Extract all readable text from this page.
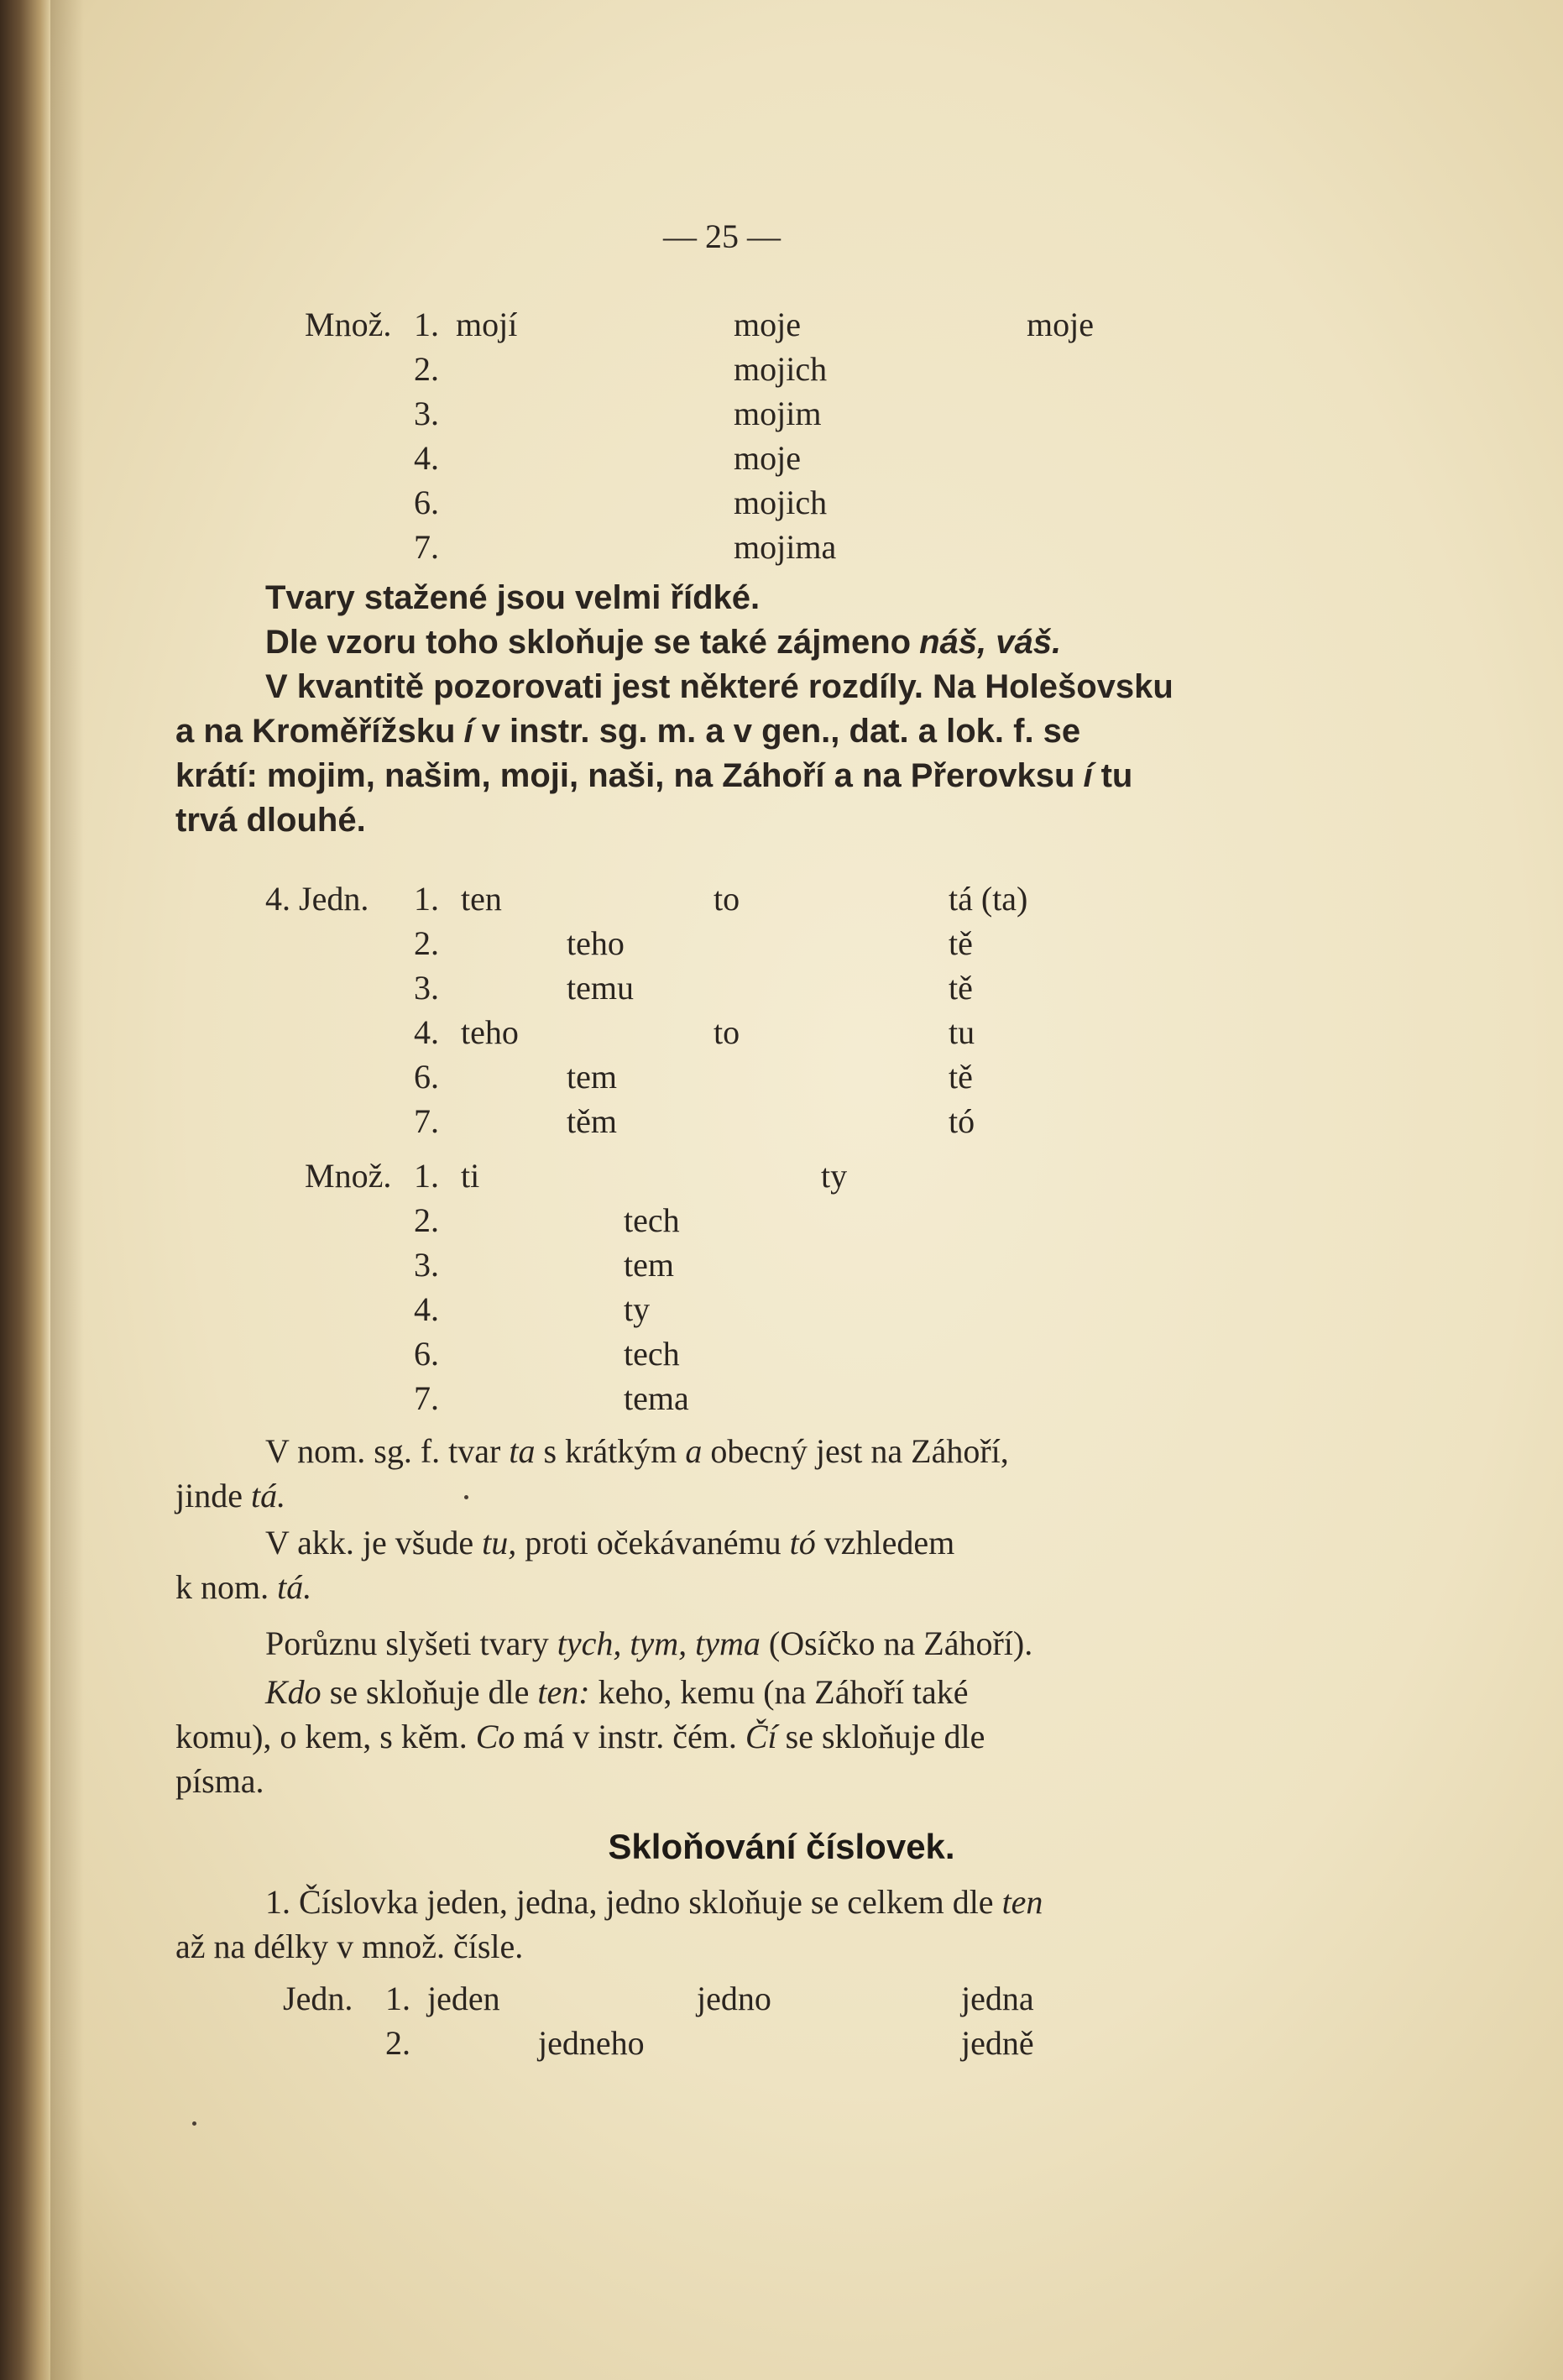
— 25 —
Množ. 1. mojí	moje	moje
2.	mojich
3.	mojim
4.	moje
6.	mojich
7.	mojima
Tvary stažené jsou velmi řídké.
Dle vzoru toho skloňuje se také zájmeno náš, váš.
V kvantitě pozorovati jest některé rozdíly. Na Holešovsku
a na Kroměřížsku í v instr. sg. m. a v gen., dat. a lok. f. se
krátí: mojim, našim, moji, naši, na Záhoří a na Přerovksu í tu
trvá dlouhé.
4. Jedn. 1. ten	to	tá (ta)
2.	teho	tě
3.	temu	tě
4. teho	to	tu
6.	tem	tě
7.	těm	tó
Množ. 1. ti	ty
2.	tech
3.	tem
4.	ty
6.	tech
7.	tema
V nom. sg. f. tvar ta s krátkým a obecný jest na Záhoří,
jinde tá.
V akk. je všude tu, proti očekávanému tó vzhledem
k nom. tá.
Porůznu slyšeti tvary tych, tym, tyma (Osíčko na Záhoří).
Kdo se skloňuje dle ten: keho, kemu (na Záhoří také
komu), o kem, s kěm. Co má v instr. čém. Čí se skloňuje dle
písma.
Skloňování číslovek.
1. Číslovka jeden, jedna, jedno skloňuje se celkem dle ten
až na délky v množ. čísle.
Jedn. 1. jeden	jedno	jedna
2.	jedneho	jedně
